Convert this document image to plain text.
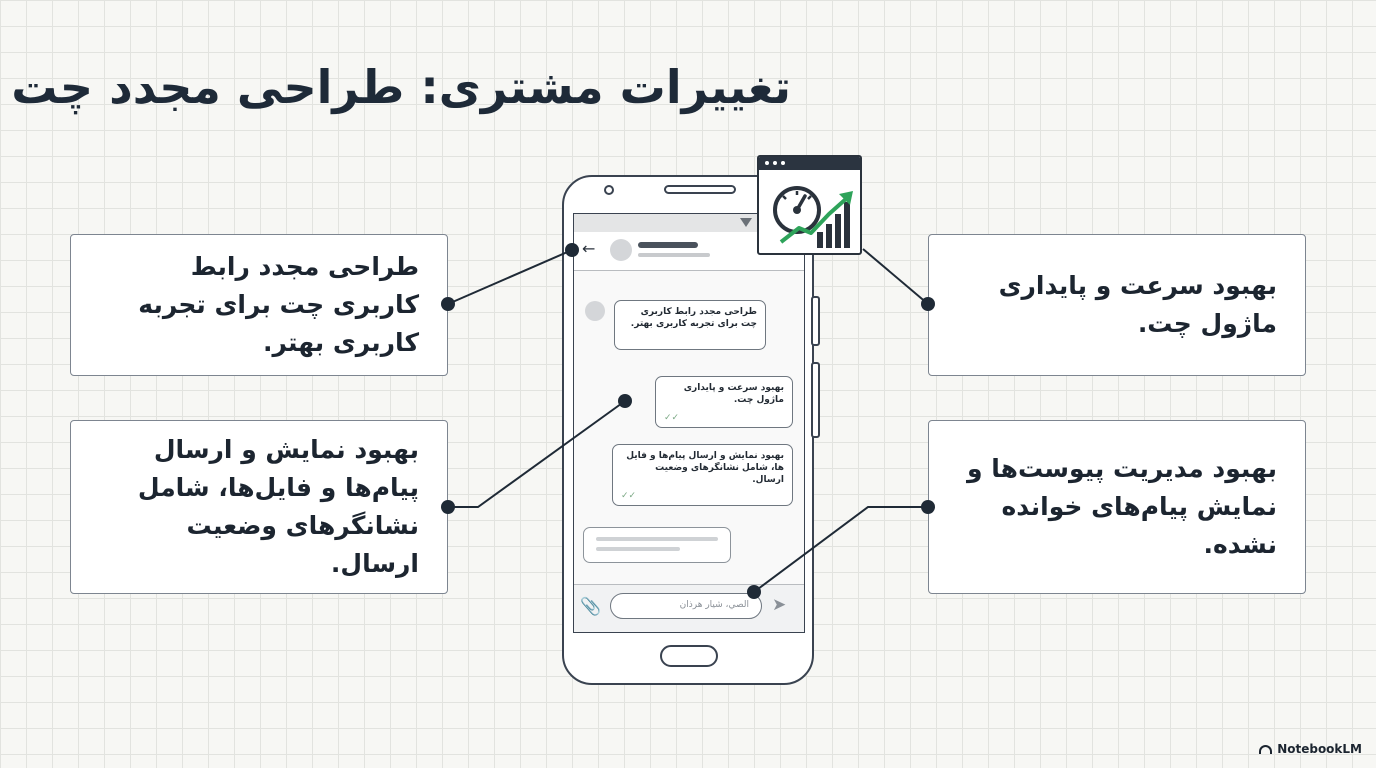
تغییرات مشتری: طراحی مجدد چت
طراحی مجدد رابط کاربری چت برای تجربه کاربری بهتر.
بهبود نمایش و ارسال پیام‌ها و فایل‌ها، شامل نشانگرهای وضعیت ارسال.
بهبود سرعت و پایداری ماژول چت.
بهبود مدیریت پیوست‌ها و نمایش پیام‌های خوانده نشده.
←
طراحی مجدد رابط کاربری چت برای تجربه کاربری بهتر.
بهبود سرعت و پایداری ماژول چت.
✓✓
بهبود نمایش و ارسال پیام‌ها و فایل ها، شامل نشانگرهای وضعیت ارسال.
✓✓
📎	الصي، شيار هرذان	➤
NotebookLM
